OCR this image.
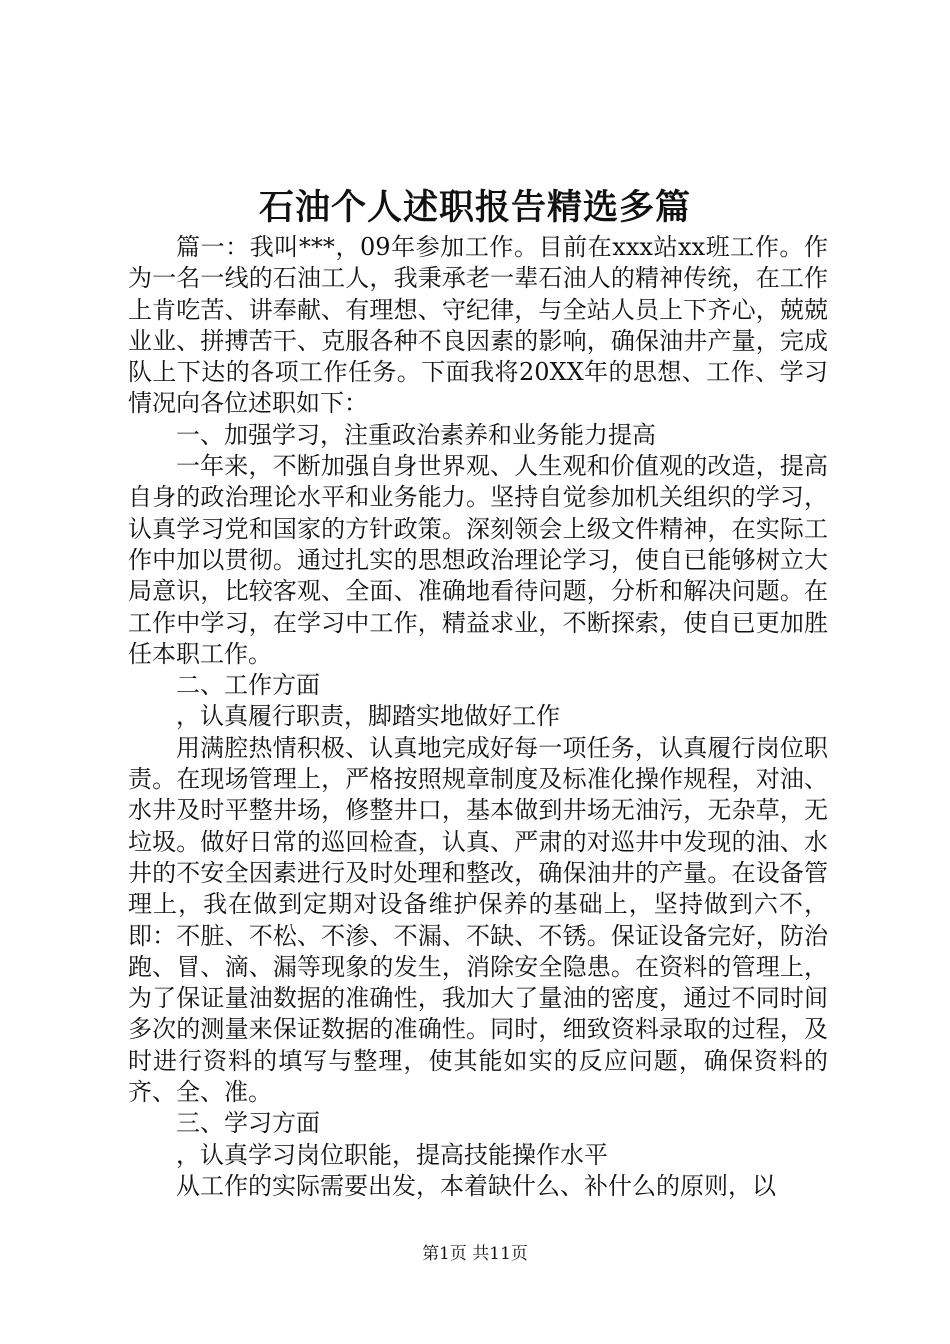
石油个人述职报告精选多篇

篇一：我叫***，09年参加工作。目前在xxx站xx班工作。作为一名一线的石油工人，我秉承老一辈石油人的精神传统，在工作上肯吃苦、讲奉献、有理想、守纪律，与全站人员上下齐心，兢兢业业、拼搏苦干、克服各种不良因素的影响，确保油井产量，完成队上下达的各项工作任务。下面我将20XX年的思想、工作、学习情况向各位述职如下：

一、加强学习，注重政治素养和业务能力提高

一年来，不断加强自身世界观、人生观和价值观的改造，提高自身的政治理论水平和业务能力。坚持自觉参加机关组织的学习，认真学习党和国家的方针政策。深刻领会上级文件精神，在实际工作中加以贯彻。通过扎实的思想政治理论学习，使自已能够树立大局意识，比较客观、全面、准确地看待问题，分析和解决问题。在工作中学习，在学习中工作，精益求业，不断探索，使自已更加胜任本职工作。

二、工作方面

，认真履行职责，脚踏实地做好工作

用满腔热情积极、认真地完成好每一项任务，认真履行岗位职责。在现场管理上，严格按照规章制度及标准化操作规程，对油、水井及时平整井场，修整井口，基本做到井场无油污，无杂草，无垃圾。做好日常的巡回检查，认真、严肃的对巡井中发现的油、水井的不安全因素进行及时处理和整改，确保油井的产量。在设备管理上，我在做到定期对设备维护保养的基础上，坚持做到六不，即：不脏、不松、不渗、不漏、不缺、不锈。保证设备完好，防治跑、冒、滴、漏等现象的发生，消除安全隐患。在资料的管理上，为了保证量油数据的准确性，我加大了量油的密度，通过不同时间多次的测量来保证数据的准确性。同时，细致资料录取的过程，及时进行资料的填写与整理，使其能如实的反应问题，确保资料的齐、全、准。

三、学习方面

，认真学习岗位职能，提高技能操作水平

从工作的实际需要出发，本着缺什么、补什么的原则，以

第1页 共11页
